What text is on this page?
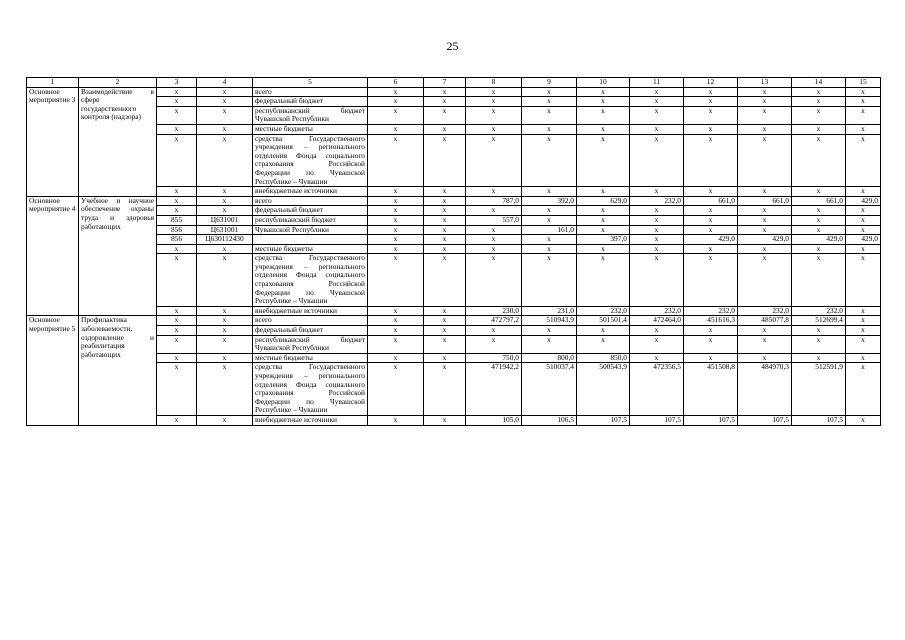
25
1	2	3	4	5	6	7	8	9	10	11	12	13	14	15
Основное мероприятие 3	Взаимодействие в сфере государственного контроля (надзора)	x	x	всего	x	x	x	x	x	x	x	x	x	x
		x	x	федеральный бюджет	x	x	x	x	x	x	x	x	x	x
		x	x	республиканский бюджет Чувашской Республики	x	x	x	x	x	x	x	x	x	x
		x	x	местные бюджеты	x	x	x	x	x	x	x	x	x	x
		x	x	средства Государственного учреждения – регионального отделения Фонда социального страхования Российской Федерации по Чувашской Республике – Чувашии	x	x	x	x	x	x	x	x	x	x
		x	x	внебюджетные источники	x	x	x	x	x	x	x	x	x	x
Основное мероприятие 4	Учебное и научное обеспечение охраны труда и здоровья работающих	x	x	всего	x	x	787,0	392,0	629,0	232,0	661,0	661,0	661,0	429,0
		x	x	федеральный бюджет	x	x	x	x	x	x	x	x	x	x
		855	Ц631001	республиканский бюджет	x	x	557,0	x	x	x	x	x	x	x
		856	Ц631001	Чувашской Республики	x	x	x	161,0	x	x	x	x	x	x
		856	Ц630112430		x	x	x	x	397,0	x	429,0	429,0	429,0	429,0
		x	x	местные бюджеты	x	x	x	x	x	x	x	x	x	x
		x	x	средства Государственного учреждения – регионального отделения Фонда социального страхования Российской Федерации по Чувашской Республике – Чувашии	x	x	x	x	x	x	x	x	x	x
		x	x	внебюджетные источники	x	x	230,0	231,0	232,0	232,0	232,0	232,0	232,0	x
Основное мероприятие 5	Профилактика заболеваемости, оздоровление и реабилитация работающих	x	x	всего	x	x	472797,2	510943,9	501501,4	472464,0	451616,3	485077,8	512699,4	x
		x	x	федеральный бюджет	x	x	x	x	x	x	x	x	x	x
		x	x	республиканский бюджет Чувашской Республики	x	x	x	x	x	x	x	x	x	x
		x	x	местные бюджеты	x	x	750,0	800,0	850,0	x	x	x	x	x
		x	x	средства Государственного учреждения – регионального отделения Фонда социального страхования Российской Федерации по Чувашской Республике – Чувашии	x	x	471942,2	510037,4	500543,9	472356,5	451508,8	484970,3	512591,9	x
		x	x	внебюджетные источники	x	x	105,0	106,5	107,5	107,5	107,5	107,5	107,5	x
